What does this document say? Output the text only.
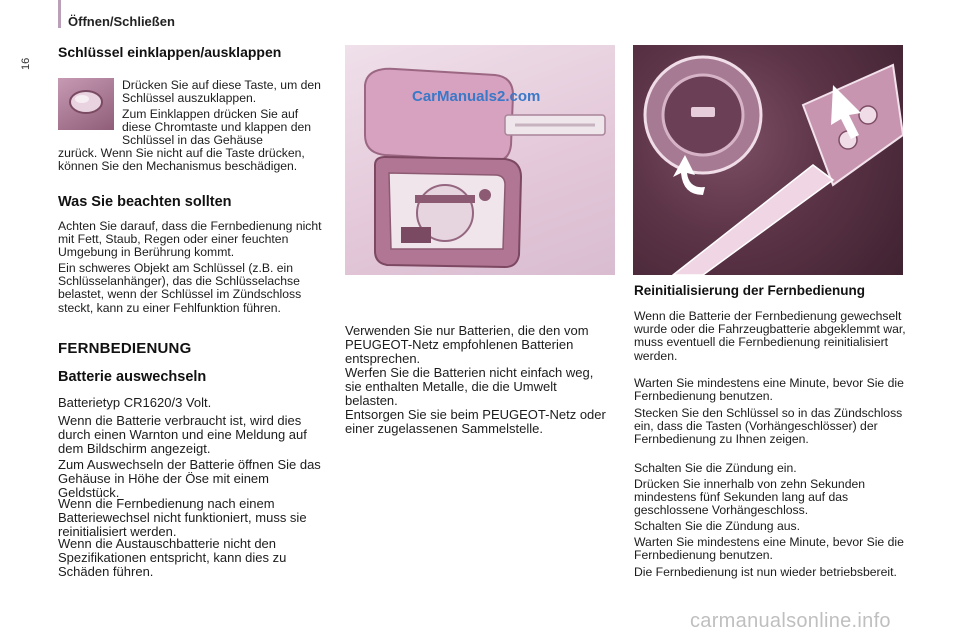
16
Öffnen/Schließen
Schlüssel einklappen/ausklappen

Drücken Sie auf diese Taste, um den Schlüssel auszuklappen.

Zum Einklappen drücken Sie auf diese Chromtaste und klappen den Schlüssel in das Gehäuse

zurück. Wenn Sie nicht auf die Taste drücken, können Sie den Mechanismus beschädigen.

Was Sie beachten sollten

Achten Sie darauf, dass die Fernbedienung nicht mit Fett, Staub, Regen oder einer feuchten Umgebung in Berührung kommt.

Ein schweres Objekt am Schlüssel (z.B. ein Schlüsselanhänger), das die Schlüsselachse belastet, wenn der Schlüssel im Zündschloss steckt, kann zu einer Fehlfunktion führen.

FERNBEDIENUNG
Batterie auswechseln

Batterietyp CR1620/3 Volt.

Wenn die Batterie verbraucht ist, wird dies durch einen Warnton und eine Meldung auf dem Bildschirm angezeigt.

Zum Auswechseln der Batterie öffnen Sie das Gehäuse in Höhe der Öse mit einem Geldstück.

Wenn die Fernbedienung nach einem Batteriewechsel nicht funktioniert, muss sie reinitialisiert werden.

Wenn die Austauschbatterie nicht den Spezifikationen entspricht, kann dies zu Schäden führen.

CarManuals2.com

Verwenden Sie nur Batterien, die den vom PEUGEOT-Netz empfohlenen Batterien entsprechen.

Werfen Sie die Batterien nicht einfach weg, sie enthalten Metalle, die die Umwelt belasten.

Entsorgen Sie sie beim PEUGEOT-Netz oder einer zugelassenen Sammelstelle.

Reinitialisierung der Fernbedienung

Wenn die Batterie der Fernbedienung gewechselt wurde oder die Fahrzeugbatterie abgeklemmt war, muss eventuell die Fernbedienung reinitialisiert werden.

Warten Sie mindestens eine Minute, bevor Sie die Fernbedienung benutzen.

Stecken Sie den Schlüssel so in das Zündschloss ein, dass die Tasten (Vorhängeschlösser) der Fernbedienung zu Ihnen zeigen.

Schalten Sie die Zündung ein.

Drücken Sie innerhalb von zehn Sekunden mindestens fünf Sekunden lang auf das geschlossene Vorhängeschloss.

Schalten Sie die Zündung aus.

Warten Sie mindestens eine Minute, bevor Sie die Fernbedienung benutzen.

Die Fernbedienung ist nun wieder betriebsbereit.

carmanualsonline.info
